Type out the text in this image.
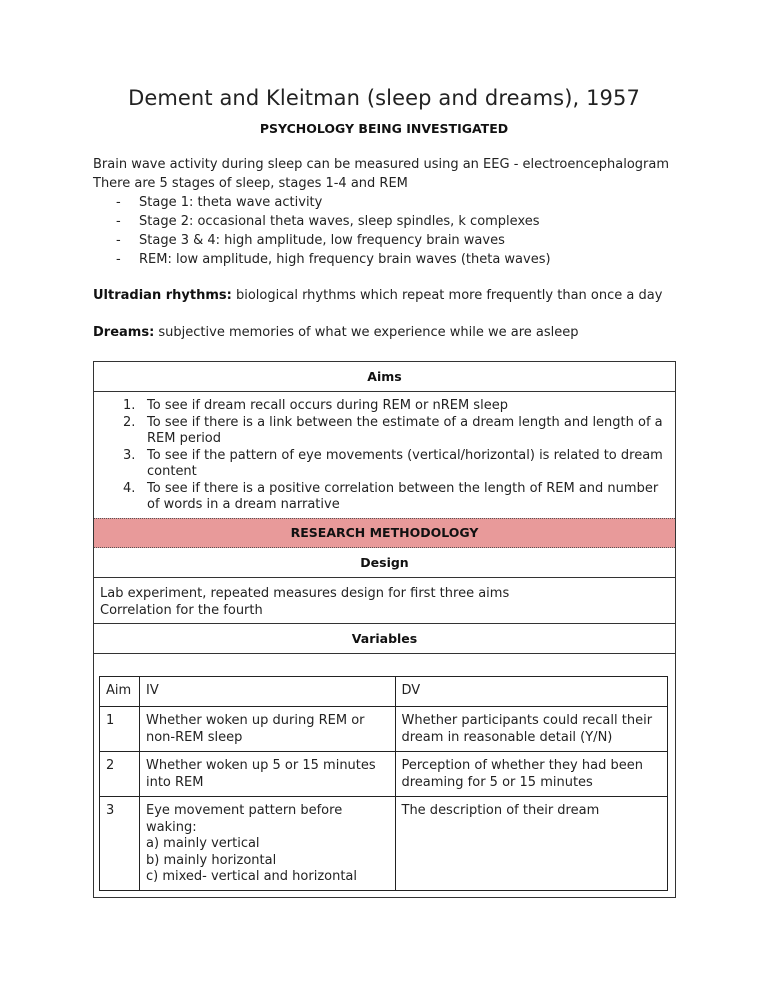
Dement and Kleitman (sleep and dreams), 1957
PSYCHOLOGY BEING INVESTIGATED
Brain wave activity during sleep can be measured using an EEG - electroencephalogram
There are 5 stages of sleep, stages 1-4 and REM
- Stage 1: theta wave activity
- Stage 2: occasional theta waves, sleep spindles, k complexes
- Stage 3 & 4: high amplitude, low frequency brain waves
- REM: low amplitude, high frequency brain waves (theta waves)
Ultradian rhythms: biological rhythms which repeat more frequently than once a day
Dreams: subjective memories of what we experience while we are asleep
Aims
1. To see if dream recall occurs during REM or nREM sleep
2. To see if there is a link between the estimate of a dream length and length of a REM period
3. To see if the pattern of eye movements (vertical/horizontal) is related to dream content
4. To see if there is a positive correlation between the length of REM and number of words in a dream narrative
RESEARCH METHODOLOGY
Design
Lab experiment, repeated measures design for first three aims
Correlation for the fourth
Variables
Aim	IV	DV
1	Whether woken up during REM or non-REM sleep	Whether participants could recall their dream in reasonable detail (Y/N)
2	Whether woken up 5 or 15 minutes into REM	Perception of whether they had been dreaming for 5 or 15 minutes
3	Eye movement pattern before waking:
a) mainly vertical
b) mainly horizontal
c) mixed- vertical and horizontal	The description of their dream
